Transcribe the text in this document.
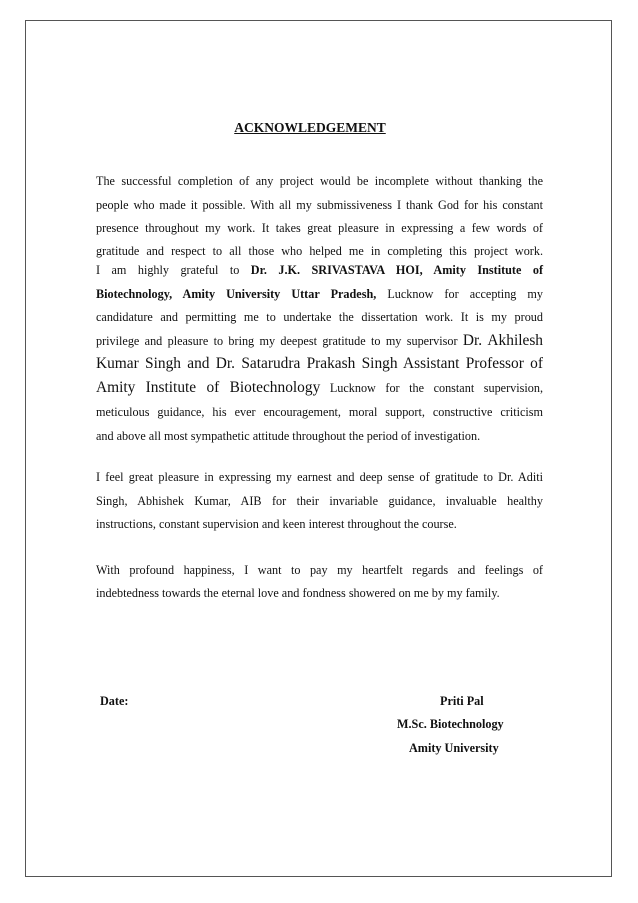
ACKNOWLEDGEMENT
The successful completion of any project would be incomplete without thanking the
people who made it possible. With all my submissiveness I thank God for his constant
presence throughout my work. It takes great pleasure in expressing a few words of
gratitude and respect to all those who helped me in completing this project work.
I am highly grateful to Dr. J.K. SRIVASTAVA HOI, Amity Institute of
Biotechnology, Amity University Uttar Pradesh, Lucknow for accepting my
candidature and permitting me to undertake the dissertation work. It is my proud
privilege and pleasure to bring my deepest gratitude to my supervisor Dr. Akhilesh
Kumar Singh and Dr. Satarudra Prakash Singh Assistant Professor of
Amity Institute of Biotechnology Lucknow for the constant supervision,
meticulous guidance, his ever encouragement, moral support, constructive criticism
and above all most sympathetic attitude throughout the period of investigation.
I feel great pleasure in expressing my earnest and deep sense of gratitude to Dr. Aditi
Singh, Abhishek Kumar, AIB for their invariable guidance, invaluable healthy
instructions, constant supervision and keen interest throughout the course.
With profound happiness, I want to pay my heartfelt regards and feelings of
indebtedness towards the eternal love and fondness showered on me by my family.
Date:	Priti Pal
M.Sc. Biotechnology
Amity University
